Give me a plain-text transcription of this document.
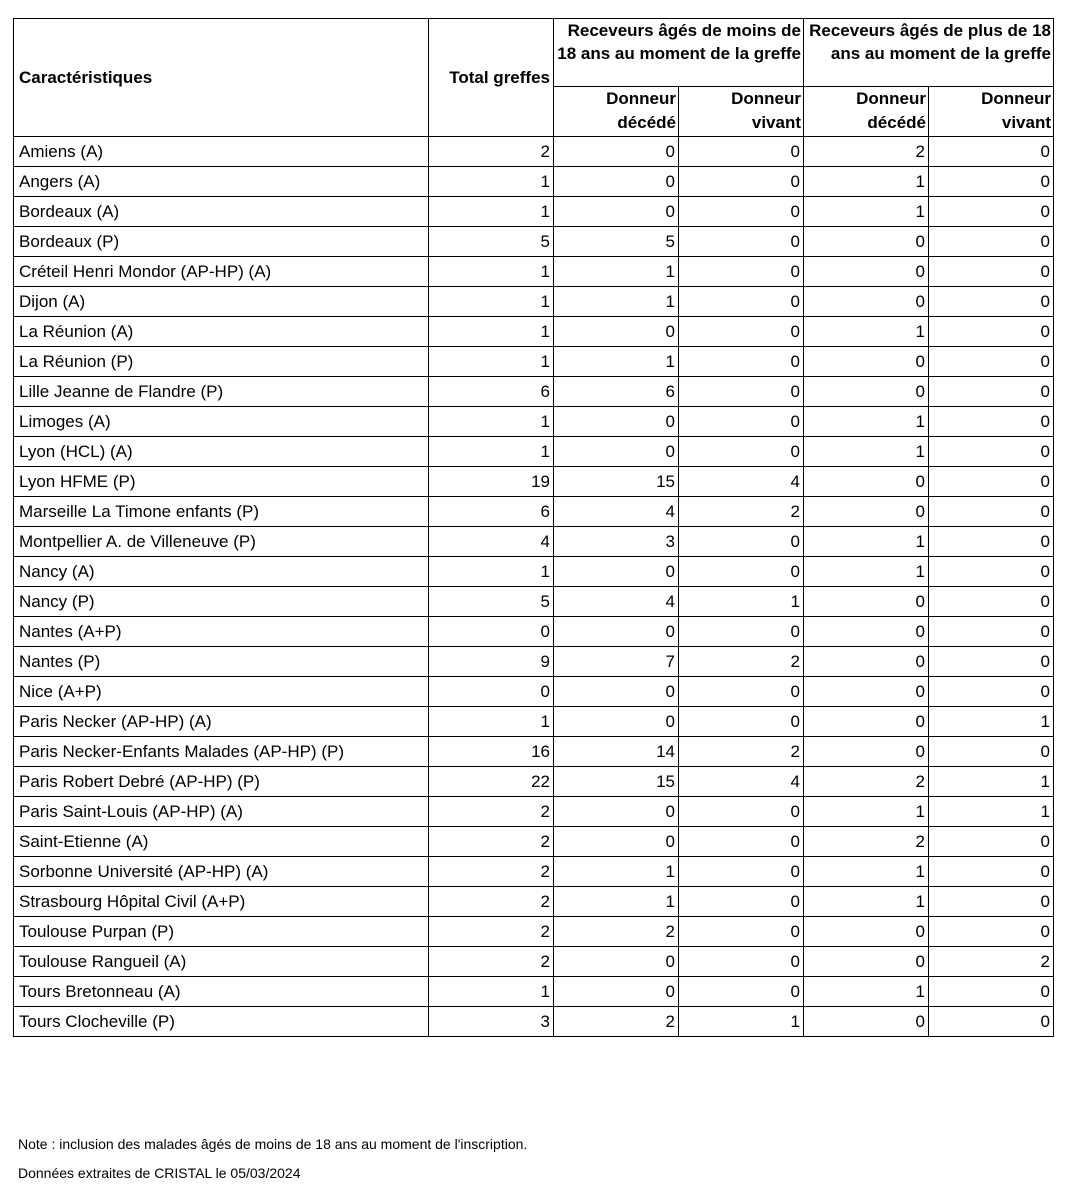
Caractéristiques	Total greffes	Receveurs âgés de moins de 18 ans au moment de la greffe		Receveurs âgés de plus de 18 ans au moment de la greffe	
		Donneur décédé	Donneur vivant	Donneur décédé	Donneur vivant
Amiens (A)	2	0	0	2	0
Angers (A)	1	0	0	1	0
Bordeaux (A)	1	0	0	1	0
Bordeaux (P)	5	5	0	0	0
Créteil Henri Mondor (AP-HP) (A)	1	1	0	0	0
Dijon (A)	1	1	0	0	0
La Réunion (A)	1	0	0	1	0
La Réunion (P)	1	1	0	0	0
Lille Jeanne de Flandre (P)	6	6	0	0	0
Limoges (A)	1	0	0	1	0
Lyon (HCL) (A)	1	0	0	1	0
Lyon HFME (P)	19	15	4	0	0
Marseille La Timone enfants (P)	6	4	2	0	0
Montpellier A. de Villeneuve (P)	4	3	0	1	0
Nancy (A)	1	0	0	1	0
Nancy (P)	5	4	1	0	0
Nantes (A+P)	0	0	0	0	0
Nantes (P)	9	7	2	0	0
Nice (A+P)	0	0	0	0	0
Paris Necker (AP-HP) (A)	1	0	0	0	1
Paris Necker-Enfants Malades (AP-HP) (P)	16	14	2	0	0
Paris Robert Debré (AP-HP) (P)	22	15	4	2	1
Paris Saint-Louis (AP-HP) (A)	2	0	0	1	1
Saint-Etienne (A)	2	0	0	2	0
Sorbonne Université (AP-HP) (A)	2	1	0	1	0
Strasbourg Hôpital Civil (A+P)	2	1	0	1	0
Toulouse Purpan (P)	2	2	0	0	0
Toulouse Rangueil (A)	2	0	0	0	2
Tours Bretonneau (A)	1	0	0	1	0
Tours Clocheville (P)	3	2	1	0	0
Note : inclusion des malades âgés de moins de 18 ans au moment de l'inscription.
Données extraites de CRISTAL le 05/03/2024
